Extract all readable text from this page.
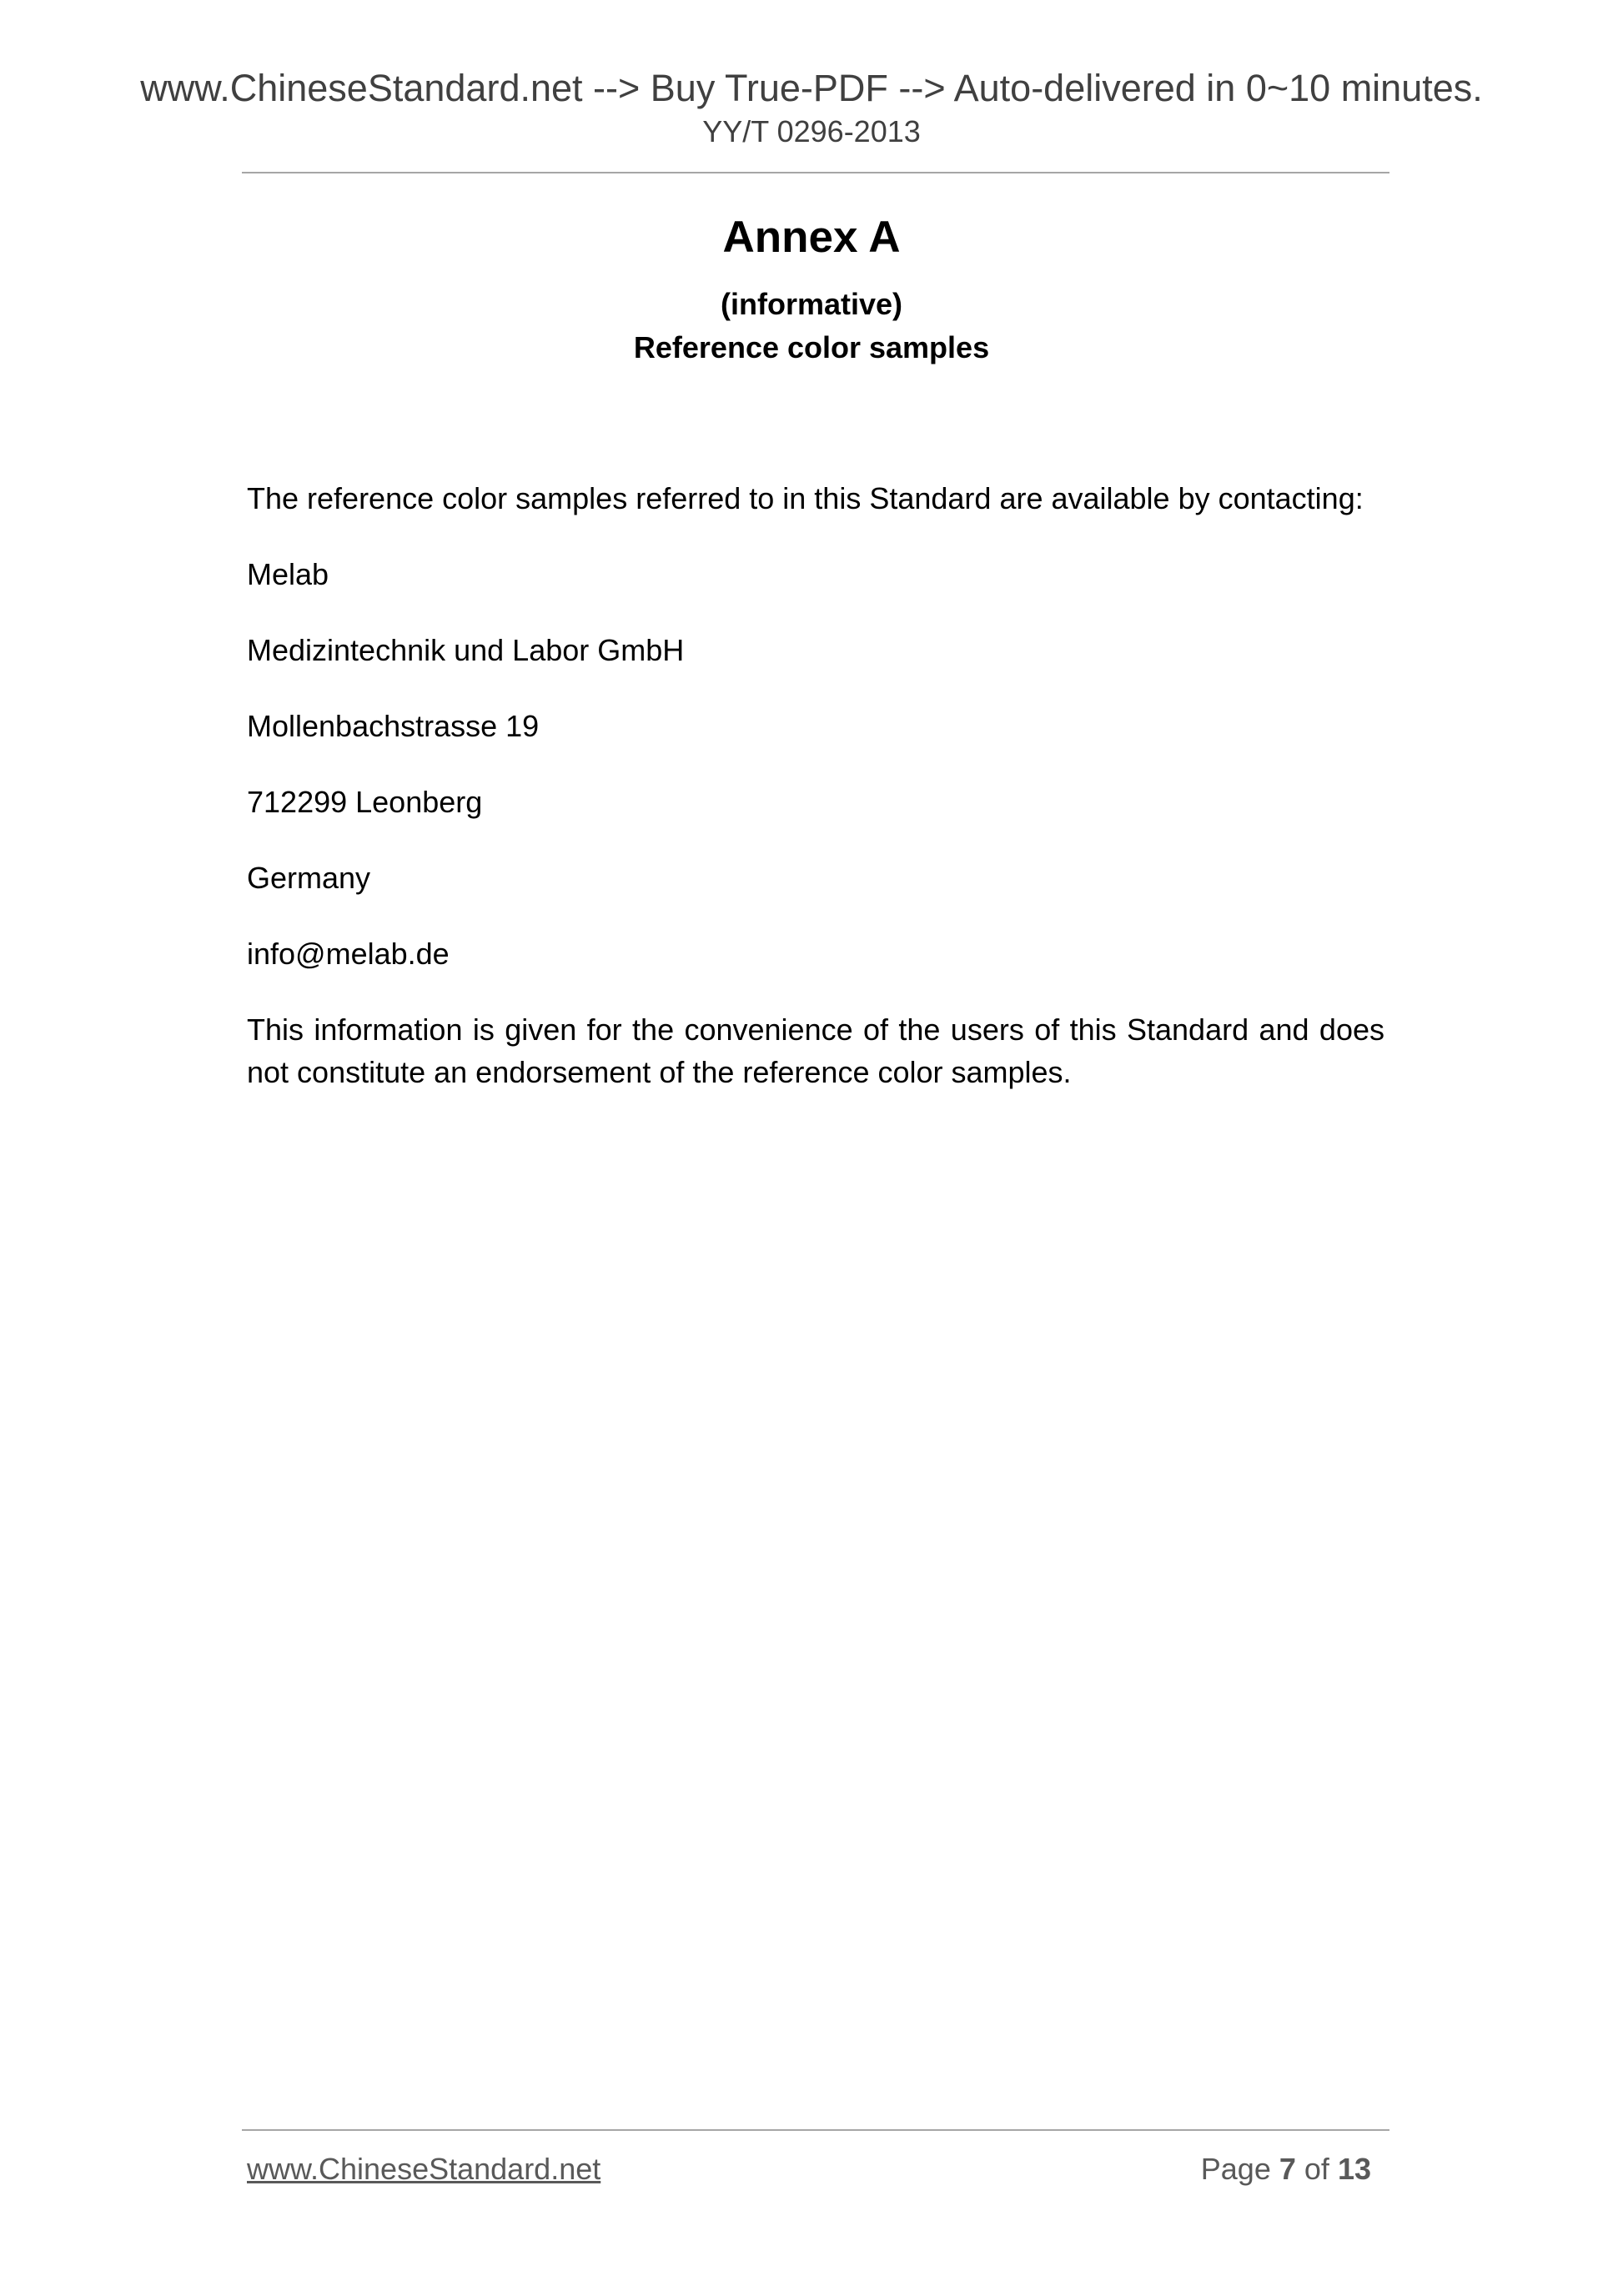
www.ChineseStandard.net --> Buy True-PDF --> Auto-delivered in 0~10 minutes.
YY/T 0296-2013
Annex A
(informative)
Reference color samples
The reference color samples referred to in this Standard are available by contacting:
Melab
Medizintechnik und Labor GmbH
Mollenbachstrasse 19
712299 Leonberg
Germany
info@melab.de
This information is given for the convenience of the users of this Standard and does not constitute an endorsement of the reference color samples.
www.ChineseStandard.net	Page 7 of 13
